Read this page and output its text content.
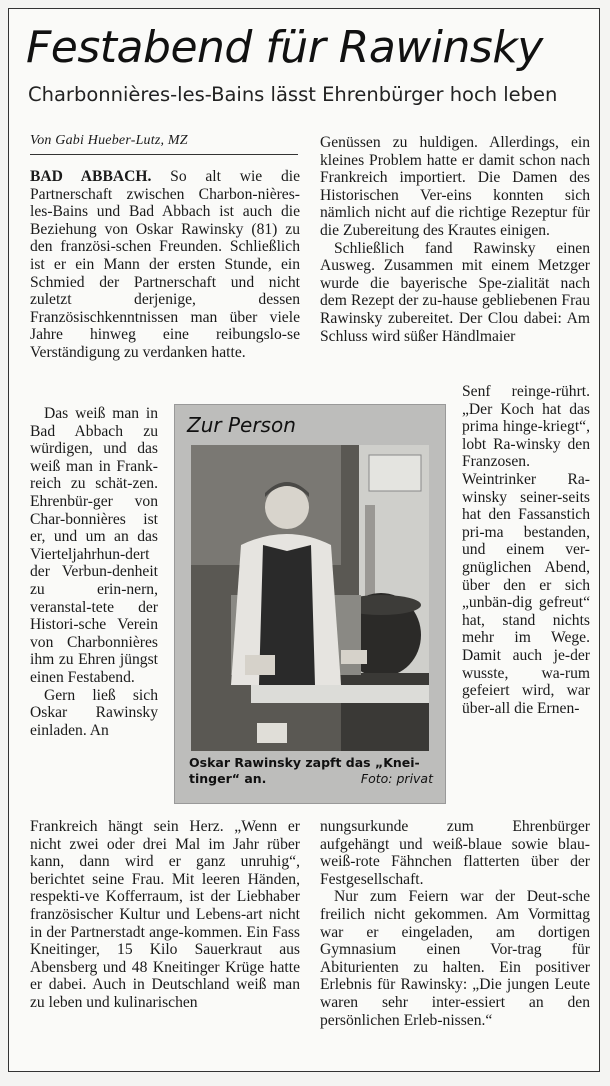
Festabend für Rawinsky
Charbonnières-les-Bains lässt Ehrenbürger hoch leben
Von Gabi Hueber-Lutz, MZ

BAD ABBACH. So alt wie die Partnerschaft zwischen Charbon-nières-les-Bains und Bad Abbach ist auch die Beziehung von Oskar Rawinsky (81) zu den französi-schen Freunden. Schließlich ist er ein Mann der ersten Stunde, ein Schmied der Partnerschaft und nicht zuletzt derjenige, dessen Französischkenntnissen man über viele Jahre hinweg eine reibungslo-se Verständigung zu verdanken hatte.

Das weiß man in Bad Abbach zu würdigen, und das weiß man in Frank-reich zu schät-zen. Ehrenbür-ger von Char-bonnières ist er, und um an das Vierteljahrhun-dert der Verbun-denheit zu erin-nern, veranstal-tete der Histori-sche Verein von Charbonnières ihm zu Ehren jüngst einen Festabend.

Gern ließ sich Oskar Rawinsky einladen. An

Frankreich hängt sein Herz. „Wenn er nicht zwei oder drei Mal im Jahr rüber kann, dann wird er ganz unruhig“, berichtet seine Frau. Mit leeren Händen, respekti-ve Kofferraum, ist der Liebhaber französischer Kultur und Lebens-art nicht in der Partnerstadt ange-kommen. Ein Fass Kneitinger, 15 Kilo Sauerkraut aus Abensberg und 48 Kneitinger Krüge hatte er dabei. Auch in Deutschland weiß man zu leben und kulinarischen

Genüssen zu huldigen. Allerdings, ein kleines Problem hatte er damit schon nach Frankreich importiert. Die Damen des Historischen Ver-eins konnten sich nämlich nicht auf die richtige Rezeptur für die Zubereitung des Krautes einigen.

Schließlich fand Rawinsky einen Ausweg. Zusammen mit einem Metzger wurde die bayerische Spe-zialität nach dem Rezept der zu-hause gebliebenen Frau Rawinsky zubereitet. Der Clou dabei: Am Schluss wird süßer Händlmaier

Senf reinge-rührt. „Der Koch hat das prima hinge-kriegt“, lobt Ra-winsky den Franzosen. Weintrinker Ra-winsky seiner-seits hat den Fassanstich pri-ma bestanden, und einem ver-gnüglichen Abend, über den er sich „unbän-dig gefreut“ hat, stand nichts mehr im Wege. Damit auch je-der wusste, wa-rum gefeiert wird, war über-all die Ernen-

nungsurkunde zum Ehrenbürger aufgehängt und weiß-blaue sowie blau-weiß-rote Fähnchen flatterten über der Festgesellschaft.

Nur zum Feiern war der Deut-sche freilich nicht gekommen. Am Vormittag war er eingeladen, am dortigen Gymnasium einen Vor-trag für Abiturienten zu halten. Ein positiver Erlebnis für Rawinsky: „Die jungen Leute waren sehr inter-essiert an den persönlichen Erleb-nissen.“

Zur Person
Oskar Rawinsky zapft das „Knei-tinger“ an.	Foto: privat
